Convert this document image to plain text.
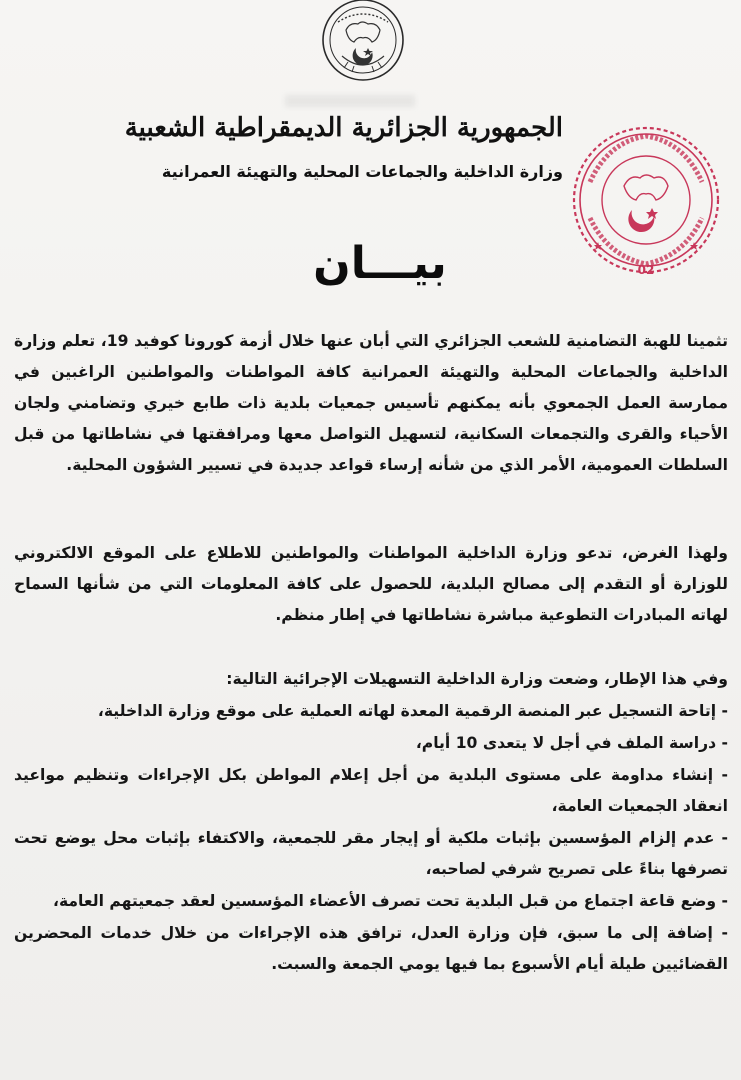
02
الجمهورية الجزائرية الديمقراطية الشعبية
وزارة الداخلية والجماعات المحلية والتهيئة العمرانية
بيـــان

تثمينا للهبة التضامنية للشعب الجزائري التي أبان عنها خلال أزمة كورونا كوفيد 19، تعلم وزارة الداخلية والجماعات المحلية والتهيئة العمرانية كافة المواطنات والمواطنين الراغبين في ممارسة العمل الجمعوي بأنه يمكنهم تأسيس جمعيات بلدية ذات طابع خيري وتضامني ولجان الأحياء والقرى والتجمعات السكانية، لتسهيل التواصل معها ومرافقتها في نشاطاتها من قبل السلطات العمومية، الأمر الذي من شأنه إرساء قواعد جديدة في تسيير الشؤون المحلية.

ولهذا الغرض، تدعو وزارة الداخلية المواطنات والمواطنين للاطلاع على الموقع الالكتروني للوزارة أو التقدم إلى مصالح البلدية، للحصول على كافة المعلومات التي من شأنها السماح لهاته المبادرات التطوعية مباشرة نشاطاتها في إطار منظم.

وفي هذا الإطار، وضعت وزارة الداخلية التسهيلات الإجرائية التالية:

- إتاحة التسجيل عبر المنصة الرقمية المعدة لهاته العملية على موقع وزارة الداخلية،
- دراسة الملف في أجل لا يتعدى 10 أيام،
- إنشاء مداومة على مستوى البلدية من أجل إعلام المواطن بكل الإجراءات وتنظيم مواعيد انعقاد الجمعيات العامة،
- عدم إلزام المؤسسين بإثبات ملكية أو إيجار مقر للجمعية، والاكتفاء بإثبات محل يوضع تحت تصرفها بناءً على تصريح شرفي لصاحبه،
- وضع قاعة اجتماع من قبل البلدية تحت تصرف الأعضاء المؤسسين لعقد جمعيتهم العامة،
- إضافة إلى ما سبق، فإن وزارة العدل، ترافق هذه الإجراءات من خلال خدمات المحضرين القضائيين طيلة أيام الأسبوع بما فيها يومي الجمعة والسبت.
